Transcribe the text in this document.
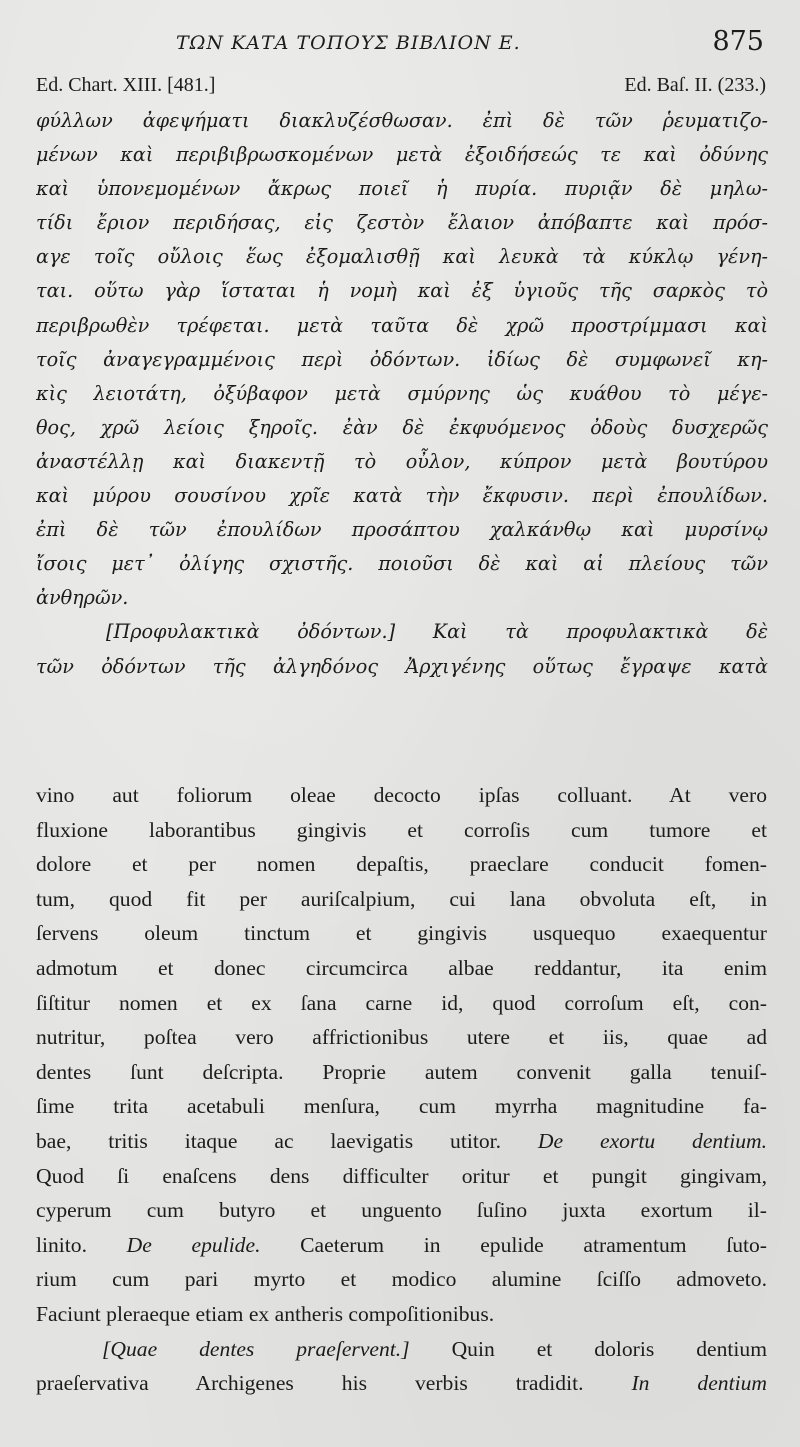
ΤΩΝ ΚΑΤΑ ΤΟΠΟΥΣ ΒΙΒΛΙΟΝ Ε.	875
Ed. Chart. XIII. [481.]	Ed. Baſ. II. (233.)
φύλλων ἀφεψήματι διακλυζέσθωσαν. ἐπὶ δὲ τῶν ῥευματιζο-
μένων καὶ περιβιβρωσκομένων μετὰ ἐξοιδήσεώς τε καὶ ὀδύνης
καὶ ὑπονεμομένων ἄκρως ποιεῖ ἡ πυρία. πυριᾷν δὲ μηλω-
τίδι ἔριον περιδήσας, εἰς ζεστὸν ἔλαιον ἀπόβαπτε καὶ πρόσ-
αγε τοῖς οὔλοις ἕως ἐξομαλισθῇ καὶ λευκὰ τὰ κύκλῳ γένη-
ται. οὕτω γὰρ ἵσταται ἡ νομὴ καὶ ἐξ ὑγιοῦς τῆς σαρκὸς τὸ
περιβρωθὲν τρέφεται. μετὰ ταῦτα δὲ χρῶ προστρίμμασι καὶ
τοῖς ἀναγεγραμμένοις περὶ ὀδόντων. ἰδίως δὲ συμφωνεῖ κη-
κὶς λειοτάτη, ὀξύβαφον μετὰ σμύρνης ὡς κυάθου τὸ μέγε-
θος, χρῶ λείοις ξηροῖς. ἐὰν δὲ ἐκφυόμενος ὀδοὺς δυσχερῶς
ἀναστέλλῃ καὶ διακεντῇ τὸ οὖλον, κύπρον μετὰ βουτύρου
καὶ μύρου σουσίνου χρῖε κατὰ τὴν ἔκφυσιν. περὶ ἐπουλίδων.
ἐπὶ δὲ τῶν ἐπουλίδων προσάπτου χαλκάνθῳ καὶ μυρσίνῳ
ἴσοις μετ᾽ ὀλίγης σχιστῆς. ποιοῦσι δὲ καὶ αἱ πλείους τῶν
ἀνθηρῶν.
[Προφυλακτικὰ ὀδόντων.] Καὶ τὰ προφυλακτικὰ δὲ
τῶν ὀδόντων τῆς ἀλγηδόνος Ἀρχιγένης οὕτως ἔγραψε κατὰ
vino aut foliorum oleae decocto ipſas colluant. At vero
fluxione laborantibus gingivis et corroſis cum tumore et
dolore et per nomen depaſtis, praeclare conducit fomen-
tum, quod fit per auriſcalpium, cui lana obvoluta eſt, in
ſervens oleum tinctum et gingivis usquequo exaequentur
admotum et donec circumcirca albae reddantur, ita enim
ſiſtitur nomen et ex ſana carne id, quod corroſum eſt, con-
nutritur, poſtea vero affrictionibus utere et iis, quae ad
dentes ſunt deſcripta. Proprie autem convenit galla tenuiſ-
ſime trita acetabuli menſura, cum myrrha magnitudine fa-
bae, tritis itaque ac laevigatis utitor. De exortu dentium.
Quod ſi enaſcens dens difficulter oritur et pungit gingivam,
cyperum cum butyro et unguento ſuſino juxta exortum il-
linito. De epulide. Caeterum in epulide atramentum ſuto-
rium cum pari myrto et modico alumine ſciſſo admoveto.
Faciunt pleraeque etiam ex antheris compoſitionibus.
[Quae dentes praeſervent.] Quin et doloris dentium
praeſervativa Archigenes his verbis tradidit. In dentium
